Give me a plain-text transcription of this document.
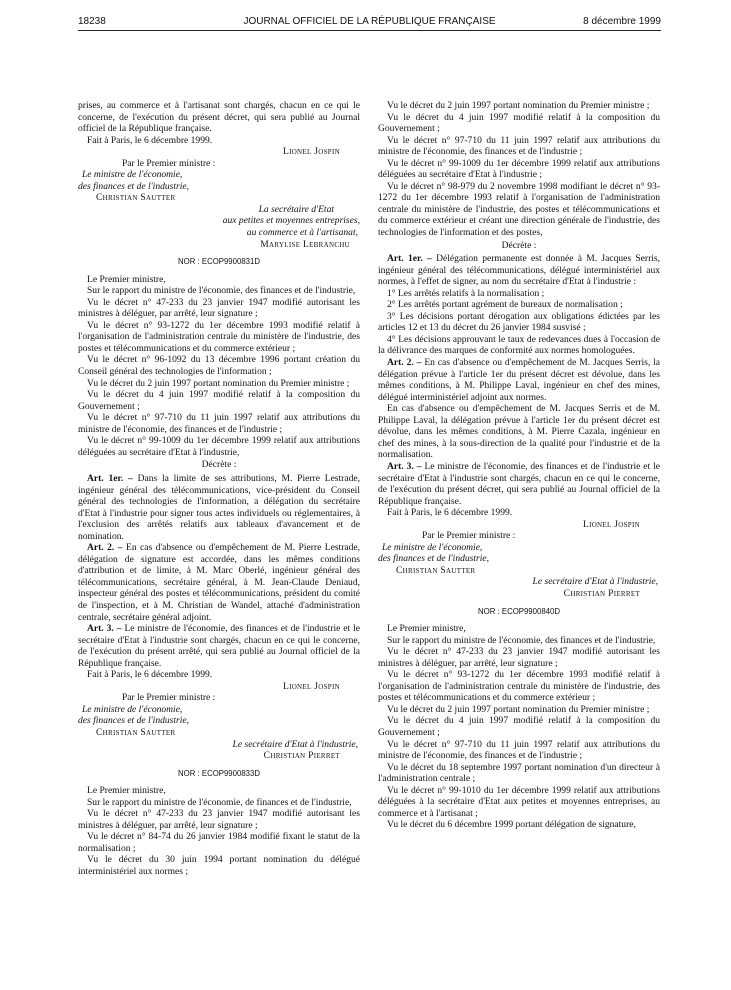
18238	JOURNAL OFFICIEL DE LA RÉPUBLIQUE FRANÇAISE	8 décembre 1999

prises, au commerce et à l'artisanat sont chargés, chacun en ce qui le concerne, de l'exécution du présent décret, qui sera publié au Journal officiel de la République française.

Fait à Paris, le 6 décembre 1999.

Lionel Jospin

Par le Premier ministre :

Le ministre de l'économie,

des finances et de l'industrie,

Christian Sautter

La secrétaire d'Etat

aux petites et moyennes entreprises,

au commerce et à l'artisanat,

Marylise Lebranchu

NOR : ECOP9900831D

Le Premier ministre,

Sur le rapport du ministre de l'économie, des finances et de l'industrie,

Vu le décret n° 47-233 du 23 janvier 1947 modifié autorisant les ministres à déléguer, par arrêté, leur signature ;

Vu le décret n° 93-1272 du 1er décembre 1993 modifié relatif à l'organisation de l'administration centrale du ministère de l'industrie, des postes et télécommunications et du commerce extérieur ;

Vu le décret n° 96-1092 du 13 décembre 1996 portant création du Conseil général des technologies de l'information ;

Vu le décret du 2 juin 1997 portant nomination du Premier ministre ;

Vu le décret du 4 juin 1997 modifié relatif à la composition du Gouvernement ;

Vu le décret n° 97-710 du 11 juin 1997 relatif aux attributions du ministre de l'économie, des finances et de l'industrie ;

Vu le décret n° 99-1009 du 1er décembre 1999 relatif aux attributions déléguées au secrétaire d'Etat à l'industrie,

Décrète :

Art. 1er. – Dans la limite de ses attributions, M. Pierre Lestrade, ingénieur général des télécommunications, vice-président du Conseil général des technologies de l'information, a délégation du secrétaire d'Etat à l'industrie pour signer tous actes individuels ou réglementaires, à l'exclusion des arrêtés relatifs aux tableaux d'avancement et de nomination.

Art. 2. – En cas d'absence ou d'empêchement de M. Pierre Lestrade, délégation de signature est accordée, dans les mêmes conditions d'attribution et de limite, à M. Marc Oberlé, ingénieur général des télécommunications, secrétaire général, à M. Jean-Claude Deniaud, inspecteur général des postes et télécommunications, président du comité de l'inspection, et à M. Christian de Wandel, attaché d'administration centrale, secrétaire général adjoint.

Art. 3. – Le ministre de l'économie, des finances et de l'industrie et le secrétaire d'Etat à l'industrie sont chargés, chacun en ce qui le concerne, de l'exécution du présent arrêté, qui sera publié au Journal officiel de la République française.

Fait à Paris, le 6 décembre 1999.

Lionel Jospin

Par le Premier ministre :

Le ministre de l'économie,

des finances et de l'industrie,

Christian Sautter

Le secrétaire d'Etat à l'industrie,

Christian Pierret

NOR : ECOP9900833D

Le Premier ministre,

Sur le rapport du ministre de l'économie, de finances et de l'industrie,

Vu le décret n° 47-233 du 23 janvier 1947 modifié autorisant les ministres à déléguer, par arrêté, leur signature ;

Vu le décret n° 84-74 du 26 janvier 1984 modifié fixant le statut de la normalisation ;

Vu le décret du 30 juin 1994 portant nomination du délégué interministériel aux normes ;

Vu le décret du 2 juin 1997 portant nomination du Premier ministre ;

Vu le décret du 4 juin 1997 modifié relatif à la composition du Gouvernement ;

Vu le décret n° 97-710 du 11 juin 1997 relatif aux attributions du ministre de l'économie, des finances et de l'industrie ;

Vu le décret n° 99-1009 du 1er décembre 1999 relatif aux attributions déléguées au secrétaire d'Etat à l'industrie ;

Vu le décret n° 98-979 du 2 novembre 1998 modifiant le décret n° 93-1272 du 1er décembre 1993 relatif à l'organisation de l'administration centrale du ministère de l'industrie, des postes et télécommunications et du commerce extérieur et créant une direction générale de l'industrie, des technologies de l'information et des postes,

Décrète :

Art. 1er. – Délégation permanente est donnée à M. Jacques Serris, ingénieur général des télécommunications, délégué interministériel aux normes, à l'effet de signer, au nom du secrétaire d'Etat à l'industrie :

1° Les arrêtés relatifs à la normalisation ;

2° Les arrêtés portant agrément de bureaux de normalisation ;

3° Les décisions portant dérogation aux obligations édictées par les articles 12 et 13 du décret du 26 janvier 1984 susvisé ;

4° Les décisions approuvant le taux de redevances dues à l'occasion de la délivrance des marques de conformité aux normes homologuées.

Art. 2. – En cas d'absence ou d'empêchement de M. Jacques Serris, la délégation prévue à l'article 1er du présent décret est dévolue, dans les mêmes conditions, à M. Philippe Laval, ingénieur en chef des mines, délégué interministériel adjoint aux normes.

En cas d'absence ou d'empêchement de M. Jacques Serris et de M. Philippe Laval, la délégation prévue à l'article 1er du présent décret est dévolue, dans les mêmes conditions, à M. Pierre Cazala, ingénieur en chef des mines, à la sous-direction de la qualité pour l'industrie et de la normalisation.

Art. 3. – Le ministre de l'économie, des finances et de l'industrie et le secrétaire d'Etat à l'industrie sont chargés, chacun en ce qui le concerne, de l'exécution du présent décret, qui sera publié au Journal officiel de la République française.

Fait à Paris, le 6 décembre 1999.

Lionel Jospin

Par le Premier ministre :

Le ministre de l'économie,

des finances et de l'industrie,

Christian Sautter

Le secrétaire d'Etat à l'industrie,

Christian Pierret

NOR : ECOP9900840D

Le Premier ministre,

Sur le rapport du ministre de l'économie, des finances et de l'industrie,

Vu le décret n° 47-233 du 23 janvier 1947 modifié autorisant les ministres à déléguer, par arrêté, leur signature ;

Vu le décret n° 93-1272 du 1er décembre 1993 modifié relatif à l'organisation de l'administration centrale du ministère de l'industrie, des postes et télécommunications et du commerce extérieur ;

Vu le décret du 2 juin 1997 portant nomination du Premier ministre ;

Vu le décret du 4 juin 1997 modifié relatif à la composition du Gouvernement ;

Vu le décret n° 97-710 du 11 juin 1997 relatif aux attributions du ministre de l'économie, des finances et de l'industrie ;

Vu le décret du 18 septembre 1997 portant nomination d'un directeur à l'administration centrale ;

Vu le décret n° 99-1010 du 1er décembre 1999 relatif aux attributions déléguées à la secrétaire d'Etat aux petites et moyennes entreprises, au commerce et à l'artisanat ;

Vu le décret du 6 décembre 1999 portant délégation de signature,
